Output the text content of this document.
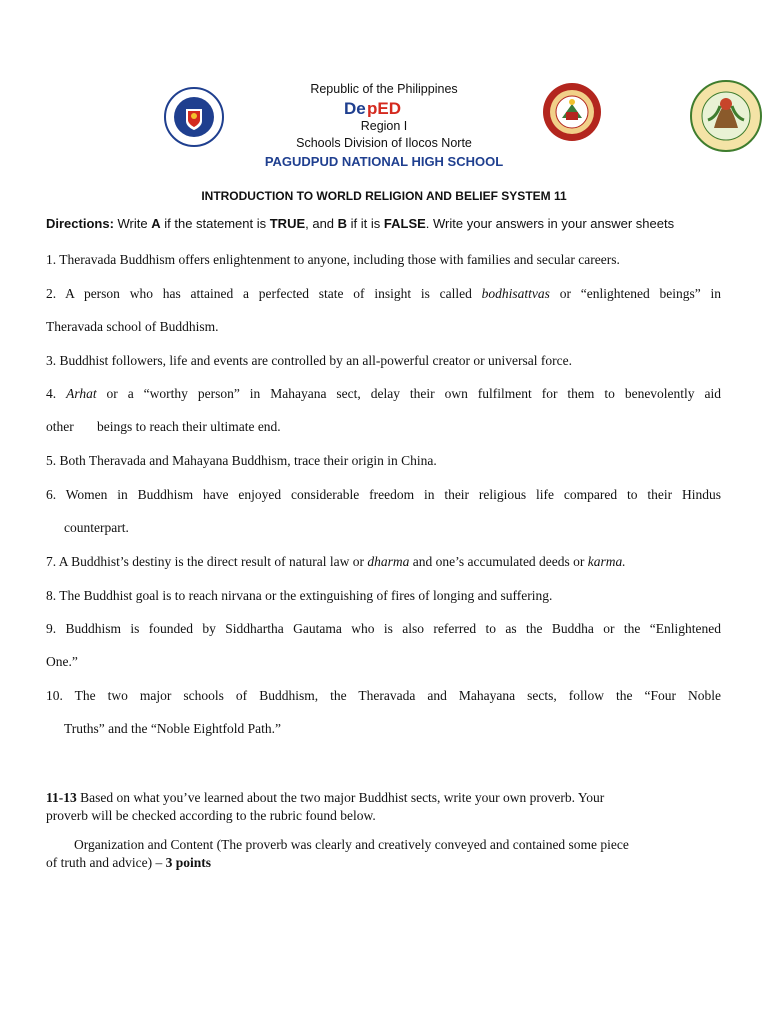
Republic of the Philippines
De pED
Region I
Schools Division of Ilocos Norte
PAGUDPUD NATIONAL HIGH SCHOOL
INTRODUCTION TO WORLD RELIGION AND BELIEF SYSTEM 11
Directions: Write A if the statement is TRUE, and B if it is FALSE. Write your answers in your answer sheets
1. Theravada Buddhism offers enlightenment to anyone, including those with families and secular careers.
2. A person who has attained a perfected state of insight is called bodhisattvas or “enlightened beings” in
Theravada school of Buddhism.
3. Buddhist followers, life and events are controlled by an all-powerful creator or universal force.
4. Arhat or a “worthy person” in Mahayana sect, delay their own fulfilment for them to benevolently aid
other beings to reach their ultimate end.
5. Both Theravada and Mahayana Buddhism, trace their origin in China.
6. Women in Buddhism have enjoyed considerable freedom in their religious life compared to their Hindus
counterpart.
7. A Buddhist’s destiny is the direct result of natural law or dharma and one’s accumulated deeds or karma.
8. The Buddhist goal is to reach nirvana or the extinguishing of fires of longing and suffering.
9. Buddhism is founded by Siddhartha Gautama who is also referred to as the Buddha or the “Enlightened
One.”
10. The two major schools of Buddhism, the Theravada and Mahayana sects, follow the “Four Noble
Truths” and the “Noble Eightfold Path.”
11-13 Based on what you’ve learned about the two major Buddhist sects, write your own proverb. Your
proverb will be checked according to the rubric found below.
Organization and Content (The proverb was clearly and creatively conveyed and contained some piece
of truth and advice) – 3 points
